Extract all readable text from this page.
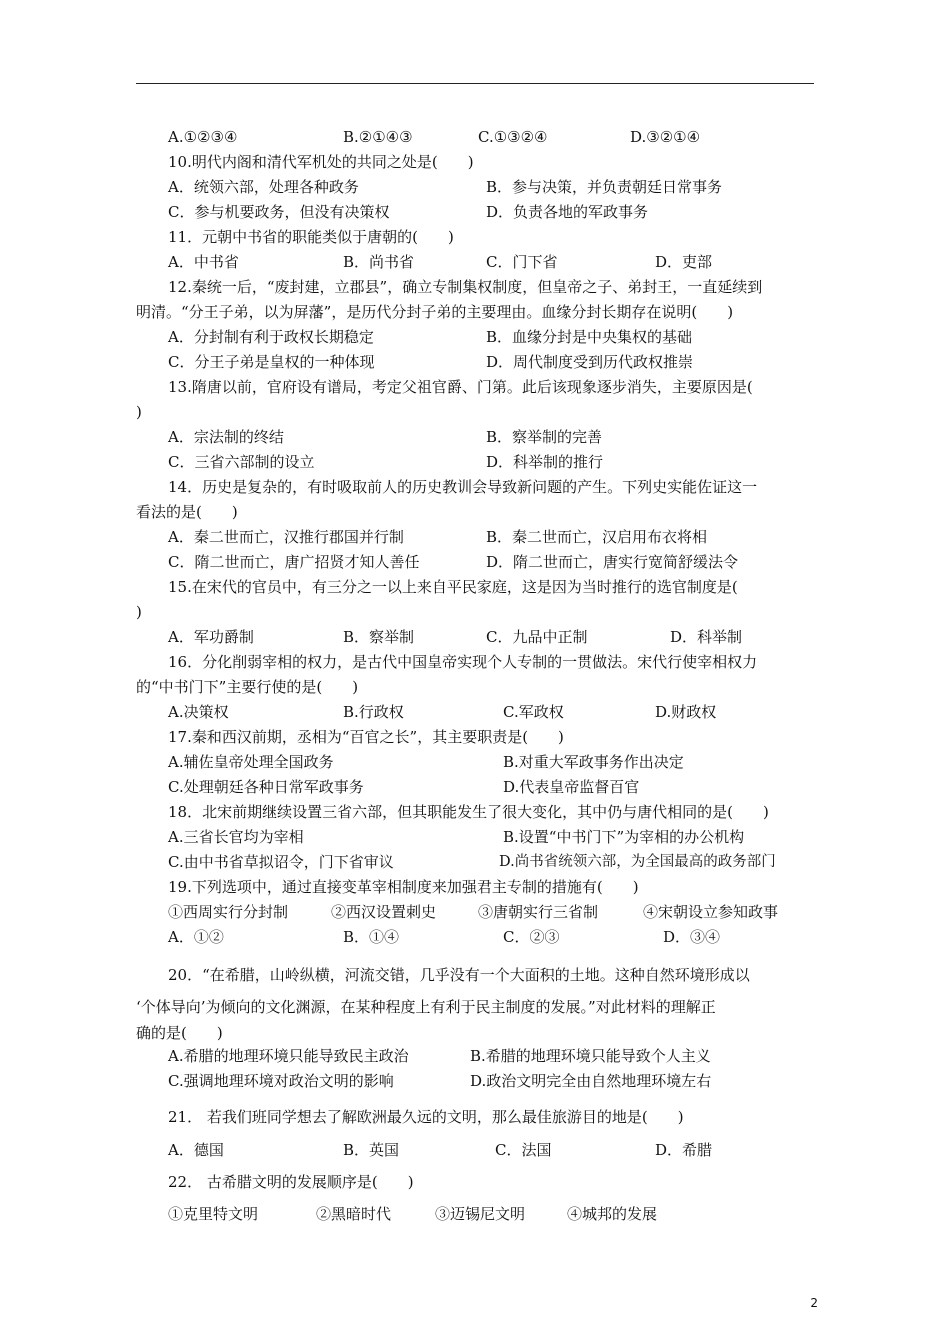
A.①②③④	B.②①④③	C.①③②④	D.③②①④
10.明代内阁和清代军机处的共同之处是(　　)
A．统领六部，处理各种政务	B．参与决策，并负责朝廷日常事务
C．参与机要政务，但没有决策权	D．负责各地的军政事务
11．元朝中书省的职能类似于唐朝的(　　)
A．中书省	B．尚书省	C．门下省	D．吏部
12.秦统一后，“废封建，立郡县”，确立专制集权制度，但皇帝之子、弟封王，一直延续到
明清。“分王子弟，以为屏藩”，是历代分封子弟的主要理由。血缘分封长期存在说明(　　)
A．分封制有利于政权长期稳定	B．血缘分封是中央集权的基础
C．分王子弟是皇权的一种体现	D．周代制度受到历代政权推崇
13.隋唐以前，官府设有谱局，考定父祖官爵、门第。此后该现象逐步消失，主要原因是(
)
A．宗法制的终结	B．察举制的完善
C．三省六部制的设立	D．科举制的推行
14．历史是复杂的，有时吸取前人的历史教训会导致新问题的产生。下列史实能佐证这一
看法的是(　　)
A．秦二世而亡，汉推行郡国并行制	B．秦二世而亡，汉启用布衣将相
C．隋二世而亡，唐广招贤才知人善任	D．隋二世而亡，唐实行宽简舒缓法令
15.在宋代的官员中，有三分之一以上来自平民家庭，这是因为当时推行的选官制度是(
)
A．军功爵制	B．察举制	C．九品中正制	D．科举制
16．分化削弱宰相的权力，是古代中国皇帝实现个人专制的一贯做法。宋代行使宰相权力
的“中书门下”主要行使的是(　　)
A.决策权	B.行政权	C.军政权	D.财政权
17.秦和西汉前期，丞相为“百官之长”，其主要职责是(　　)
A.辅佐皇帝处理全国政务	B.对重大军政事务作出决定
C.处理朝廷各种日常军政事务	D.代表皇帝监督百官
18．北宋前期继续设置三省六部，但其职能发生了很大变化，其中仍与唐代相同的是(　　)
A.三省长官均为宰相	B.设置“中书门下”为宰相的办公机构
C.由中书省草拟诏令，门下省审议	D.尚书省统领六部，为全国最高的政务部门
19.下列选项中，通过直接变革宰相制度来加强君主专制的措施有(　　)
①西周实行分封制	②西汉设置刺史	③唐朝实行三省制	④宋朝设立参知政事
A．①②	B．①④	C．②③	D．③④
20．“在希腊，山岭纵横，河流交错，几乎没有一个大面积的土地。这种自然环境形成以
‘个体导向’为倾向的文化渊源，在某种程度上有利于民主制度的发展。”对此材料的理解正
确的是(　　)
A.希腊的地理环境只能导致民主政治	B.希腊的地理环境只能导致个人主义
C.强调地理环境对政治文明的影响	D.政治文明完全由自然地理环境左右
21． 若我们班同学想去了解欧洲最久远的文明，那么最佳旅游目的地是(　　)
A．德国	B．英国	C．法国	D．希腊
22． 古希腊文明的发展顺序是(　　)
①克里特文明	②黑暗时代	③迈锡尼文明	④城邦的发展
2
